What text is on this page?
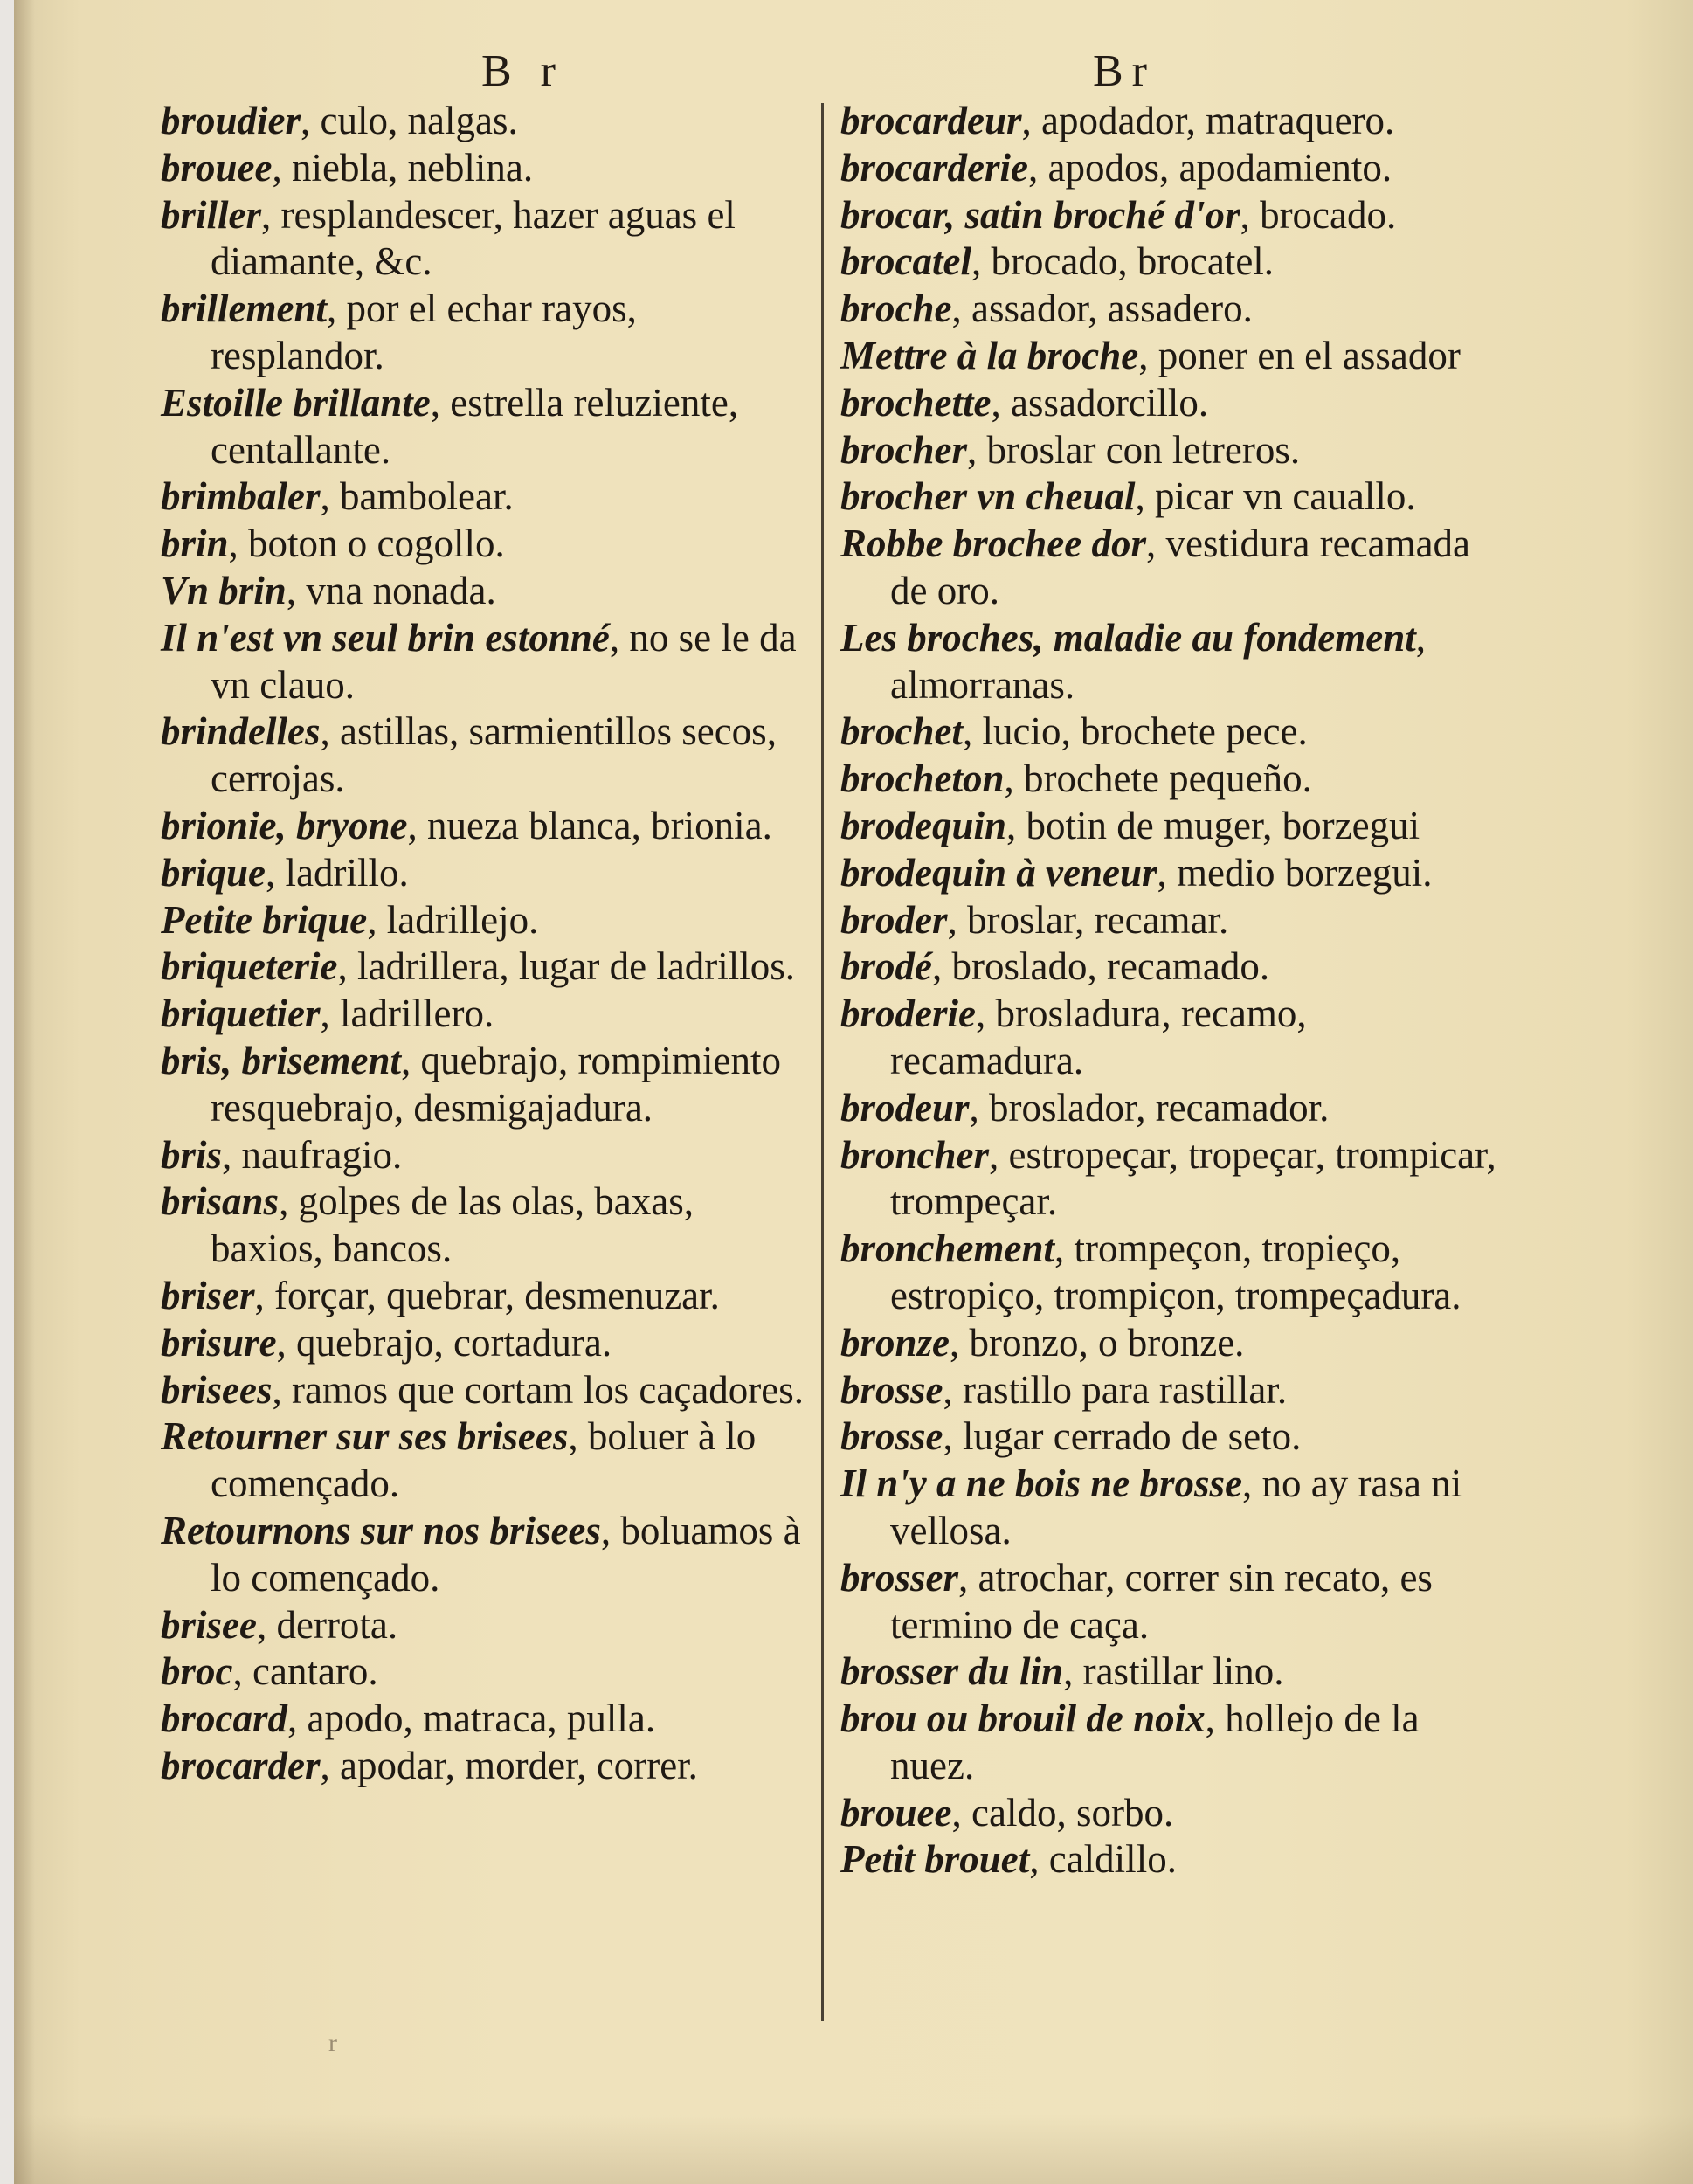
B r	Br

broudier, culo, nalgas.

brouee, niebla, neblina.

briller, resplandescer, hazer aguas el diamante, &c.

brillement, por el echar rayos, resplandor.

Estoille brillante, estrella reluziente, centallante.

brimbaler, bambolear.

brin, boton o cogollo.

Vn brin, vna nonada.

Il n'est vn seul brin estonné, no se le da vn clauo.

brindelles, astillas, sarmientillos secos, cerrojas.

brionie, bryone, nueza blanca, brionia.

brique, ladrillo.

Petite brique, ladrillejo.

briqueterie, ladrillera, lugar de ladrillos.

briquetier, ladrillero.

bris, brisement, quebrajo, rompimiento resquebrajo, desmigajadura.

bris, naufragio.

brisans, golpes de las olas, baxas, baxios, bancos.

briser, forçar, quebrar, desmenuzar.

brisure, quebrajo, cortadura.

brisees, ramos que cortam los caçadores.

Retourner sur ses brisees, boluer à lo començado.

Retournons sur nos brisees, boluamos à lo començado.

brisee, derrota.

broc, cantaro.

brocard, apodo, matraca, pulla.

brocarder, apodar, morder, correr.

brocardeur, apodador, matraquero.

brocarderie, apodos, apodamiento.

brocar, satin broché d'or, brocado.

brocatel, brocado, brocatel.

broche, assador, assadero.

Mettre à la broche, poner en el assador

brochette, assadorcillo.

brocher, broslar con letreros.

brocher vn cheual, picar vn cauallo.

Robbe brochee dor, vestidura recamada de oro.

Les broches, maladie au fondement, almorranas.

brochet, lucio, brochete pece.

brocheton, brochete pequeño.

brodequin, botin de muger, borzegui

brodequin à veneur, medio borzegui.

broder, broslar, recamar.

brodé, broslado, recamado.

broderie, brosladura, recamo, recamadura.

brodeur, broslador, recamador.

broncher, estropeçar, tropeçar, trompicar, trompeçar.

bronchement, trompeçon, tropieço, estropiço, trompiçon, trompeçadura.

bronze, bronzo, o bronze.

brosse, rastillo para rastillar.

brosse, lugar cerrado de seto.

Il n'y a ne bois ne brosse, no ay rasa ni vellosa.

brosser, atrochar, correr sin recato, es termino de caça.

brosser du lin, rastillar lino.

brou ou brouil de noix, hollejo de la nuez.

brouee, caldo, sorbo.

Petit brouet, caldillo.

r
